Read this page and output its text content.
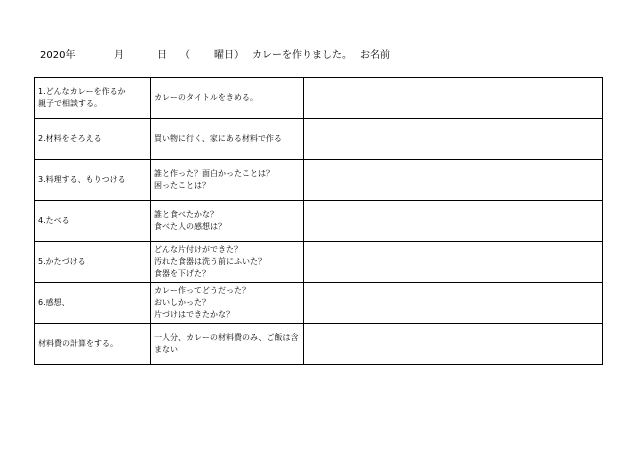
2020年	月	日 （ 曜日） カレーを作りました。 お名前
1.どんなカレーを作るか
親子で相談する。	カレーのタイトルをきめる。	

2.材料をそろえる	買い物に行く、家にある材料で作る	

3.料理する、もりつける	誰と作った？面白かったことは？
困ったことは？	

4.たべる	誰と食べたかな？
食べた人の感想は？	

5.かたづける	どんな片付けができた？
汚れた食器は洗う前にふいた？
食器を下げた？	

6.感想、	カレー作ってどうだった？
おいしかった？
片づけはできたかな？	

材料費の計算をする。	一人分、カレーの材料費のみ、ご飯は含
まない	
